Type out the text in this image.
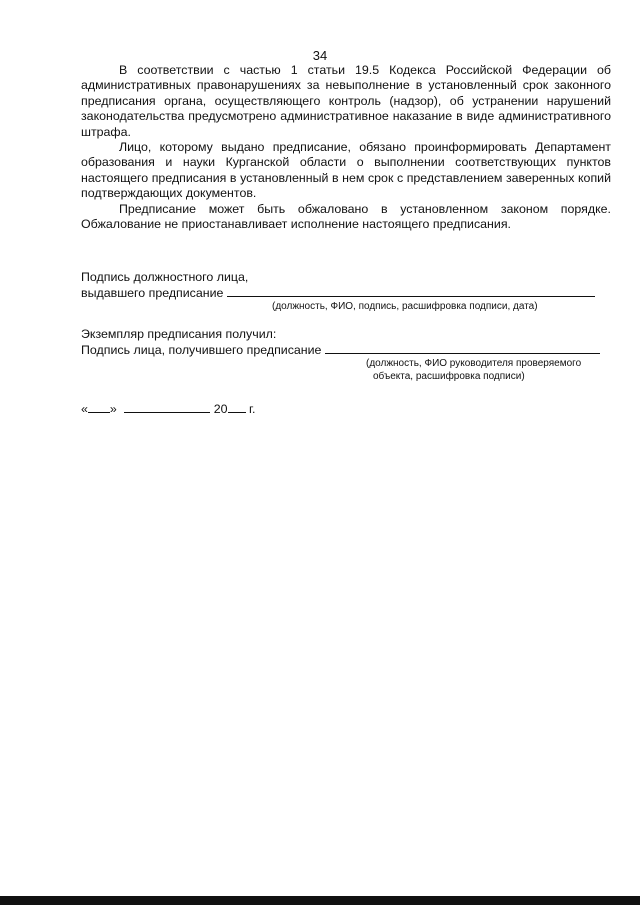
34

В соответствии с частью 1 статьи 19.5 Кодекса Российской Федерации об административных правонарушениях за невыполнение в установленный срок законного предписания органа, осуществляющего контроль (надзор), об устранении нарушений законодательства предусмотрено административное наказание в виде административного штрафа.

Лицо, которому выдано предписание, обязано проинформировать Департамент образования и науки Курганской области о выполнении соответствующих пунктов настоящего предписания в установленный в нем срок с представлением заверенных копий подтверждающих документов.

Предписание может быть обжаловано в установленном законом порядке. Обжалование не приостанавливает исполнение настоящего предписания.

Подпись должностного лица,
выдавшего предписание
(должность, ФИО, подпись, расшифровка подписи, дата)
Экземпляр предписания получил:
Подпись лица, получившего предписание
(должность, ФИО руководителя проверяемого
объекта, расшифровка подписи)
« »	20 г.
